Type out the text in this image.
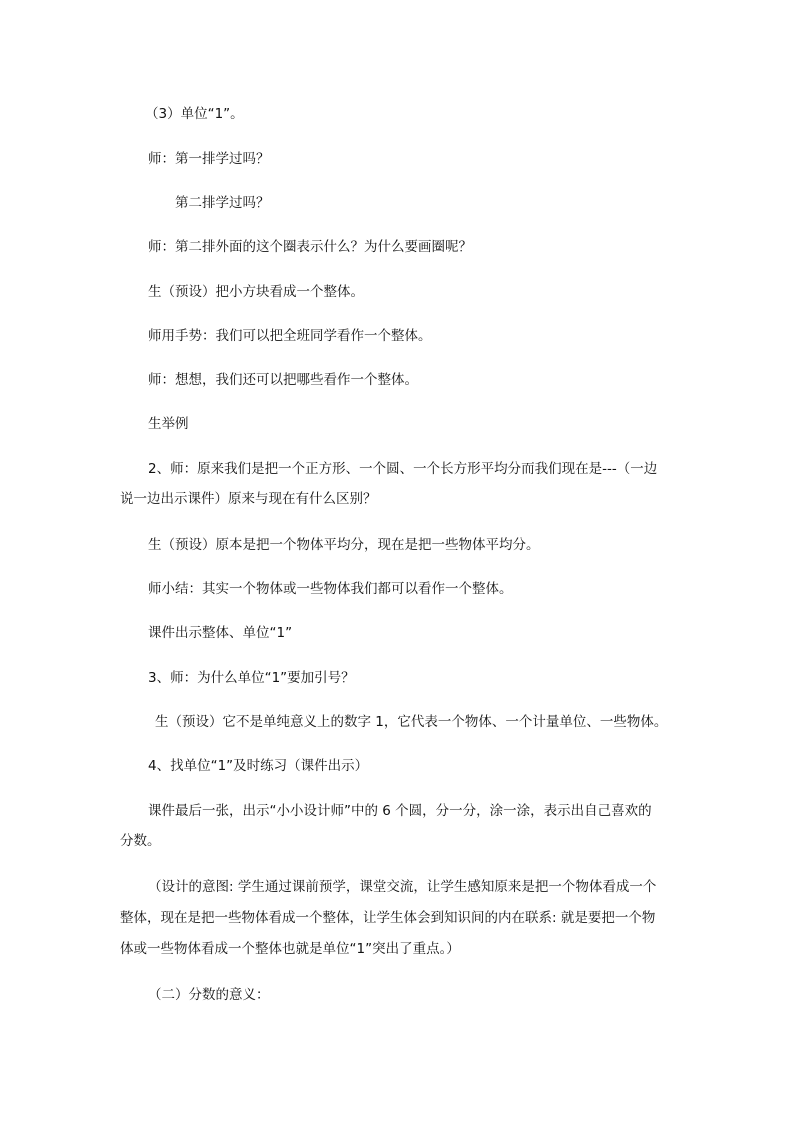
（3）单位“1”。
师：第一排学过吗？
第二排学过吗？
师：第二排外面的这个圈表示什么？为什么要画圈呢？
生（预设）把小方块看成一个整体。
师用手势：我们可以把全班同学看作一个整体。
师：想想，我们还可以把哪些看作一个整体。
生举例
2、师：原来我们是把一个正方形、一个圆、一个长方形平均分而我们现在是---（一边
说一边出示课件）原来与现在有什么区别？
生（预设）原本是把一个物体平均分，现在是把一些物体平均分。
师小结：其实一个物体或一些物体我们都可以看作一个整体。
课件出示整体、单位“1”
3、师：为什么单位“1”要加引号？
生（预设）它不是单纯意义上的数字 1，它代表一个物体、一个计量单位、一些物体。
4、找单位“1”及时练习（课件出示）
课件最后一张，出示“小小设计师”中的 6 个圆，分一分，涂一涂，表示出自己喜欢的
分数。
（设计的意图: 学生通过课前预学，课堂交流，让学生感知原来是把一个物体看成一个
整体，现在是把一些物体看成一个整体，让学生体会到知识间的内在联系: 就是要把一个物
体或一些物体看成一个整体也就是单位“1”突出了重点。）
（二）分数的意义：
